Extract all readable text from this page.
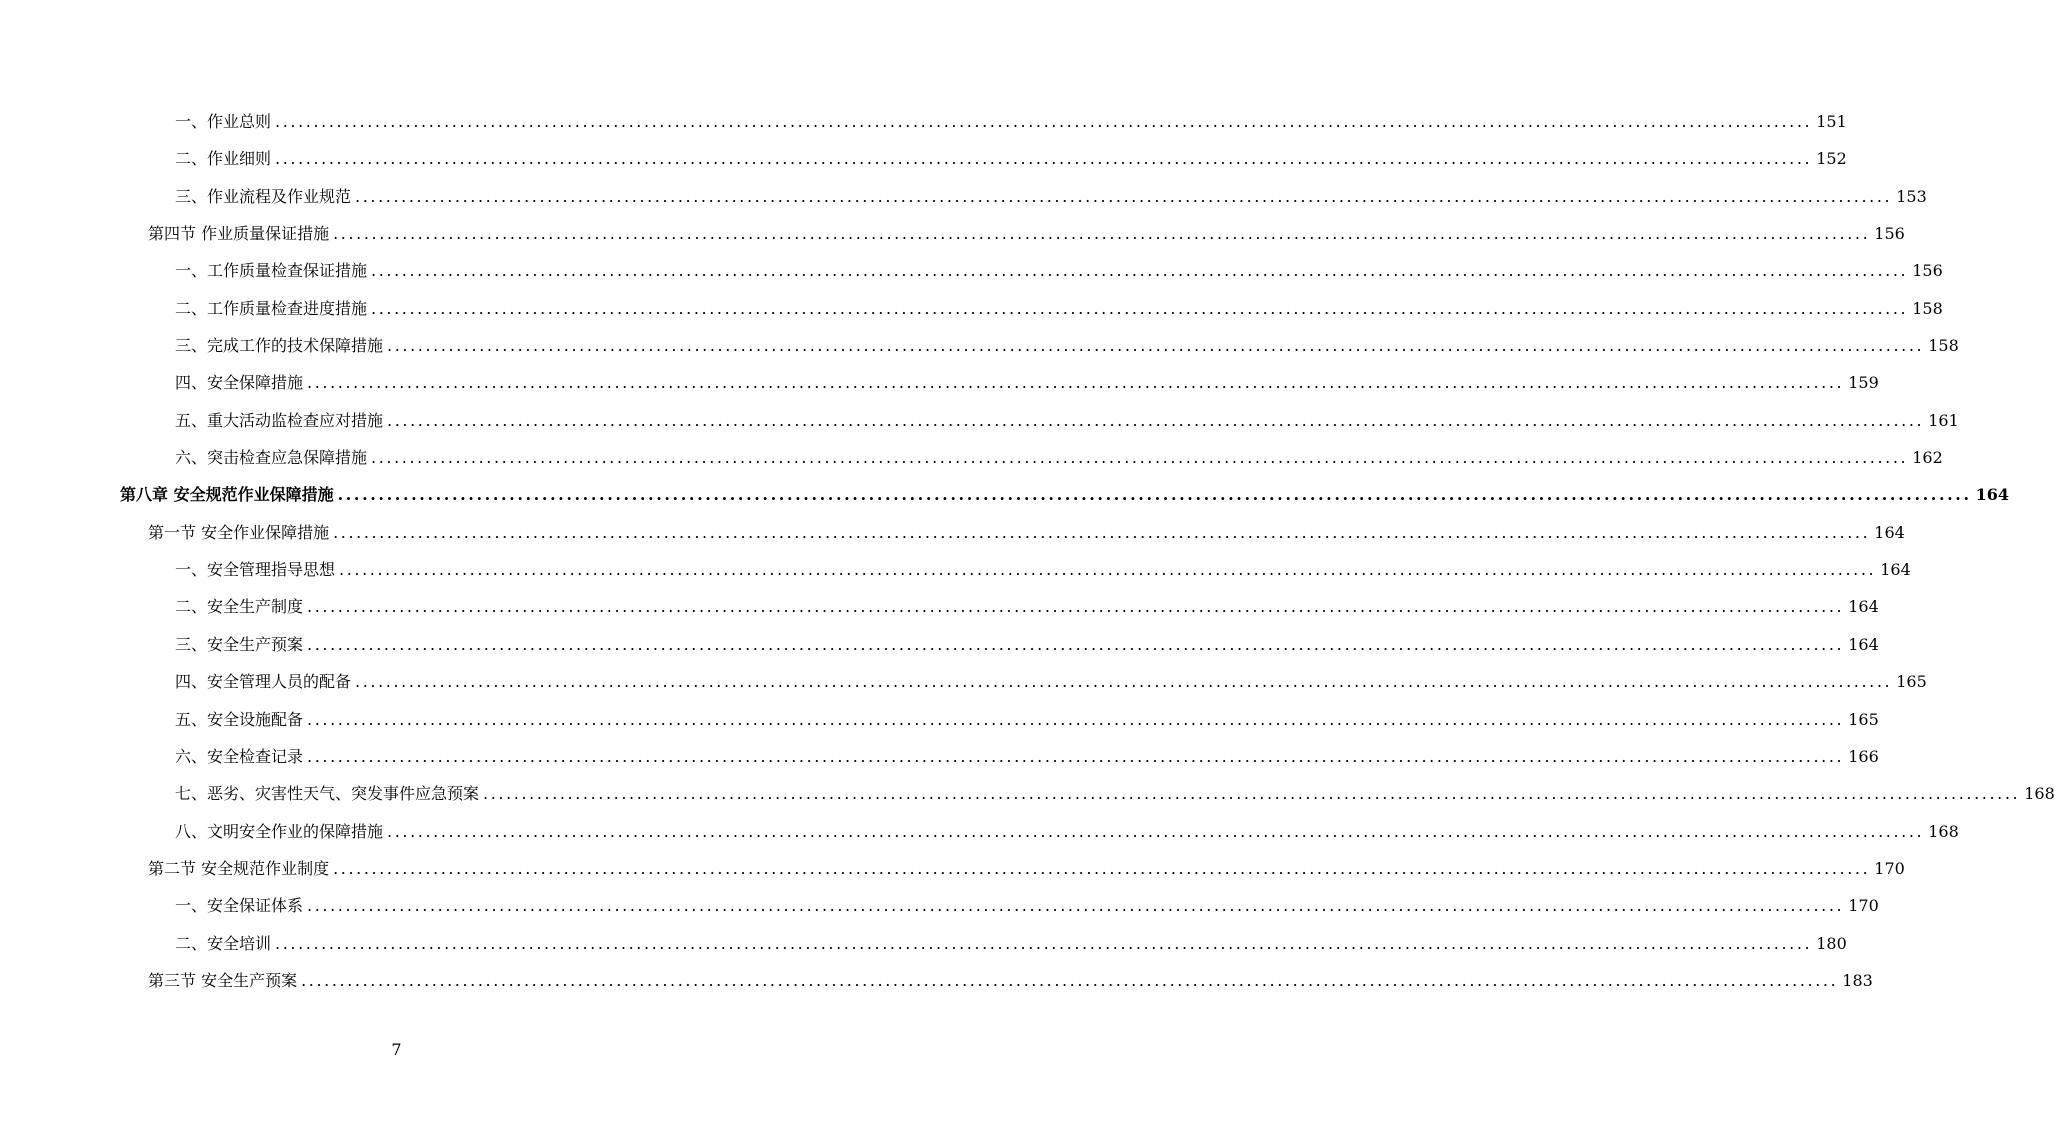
一、作业总则 ........................................................................................................................................................................................................ 151
二、作业细则 ........................................................................................................................................................................................................ 152
三、作业流程及作业规范 ........................................................................................................................................................................................................ 153
第四节 作业质量保证措施 ........................................................................................................................................................................................................ 156
一、工作质量检查保证措施 ........................................................................................................................................................................................................ 156
二、工作质量检查进度措施 ........................................................................................................................................................................................................ 158
三、完成工作的技术保障措施 ........................................................................................................................................................................................................ 158
四、安全保障措施 ........................................................................................................................................................................................................ 159
五、重大活动监检查应对措施 ........................................................................................................................................................................................................ 161
六、突击检查应急保障措施 ........................................................................................................................................................................................................ 162
第八章 安全规范作业保障措施 ........................................................................................................................................................................................................ 164
第一节 安全作业保障措施 ........................................................................................................................................................................................................ 164
一、安全管理指导思想 ........................................................................................................................................................................................................ 164
二、安全生产制度 ........................................................................................................................................................................................................ 164
三、安全生产预案 ........................................................................................................................................................................................................ 164
四、安全管理人员的配备 ........................................................................................................................................................................................................ 165
五、安全设施配备 ........................................................................................................................................................................................................ 165
六、安全检查记录 ........................................................................................................................................................................................................ 166
七、恶劣、灾害性天气、突发事件应急预案 ........................................................................................................................................................................................................ 168
八、文明安全作业的保障措施 ........................................................................................................................................................................................................ 168
第二节 安全规范作业制度 ........................................................................................................................................................................................................ 170
一、安全保证体系 ........................................................................................................................................................................................................ 170
二、安全培训 ........................................................................................................................................................................................................ 180
第三节 安全生产预案 ........................................................................................................................................................................................................ 183
7
